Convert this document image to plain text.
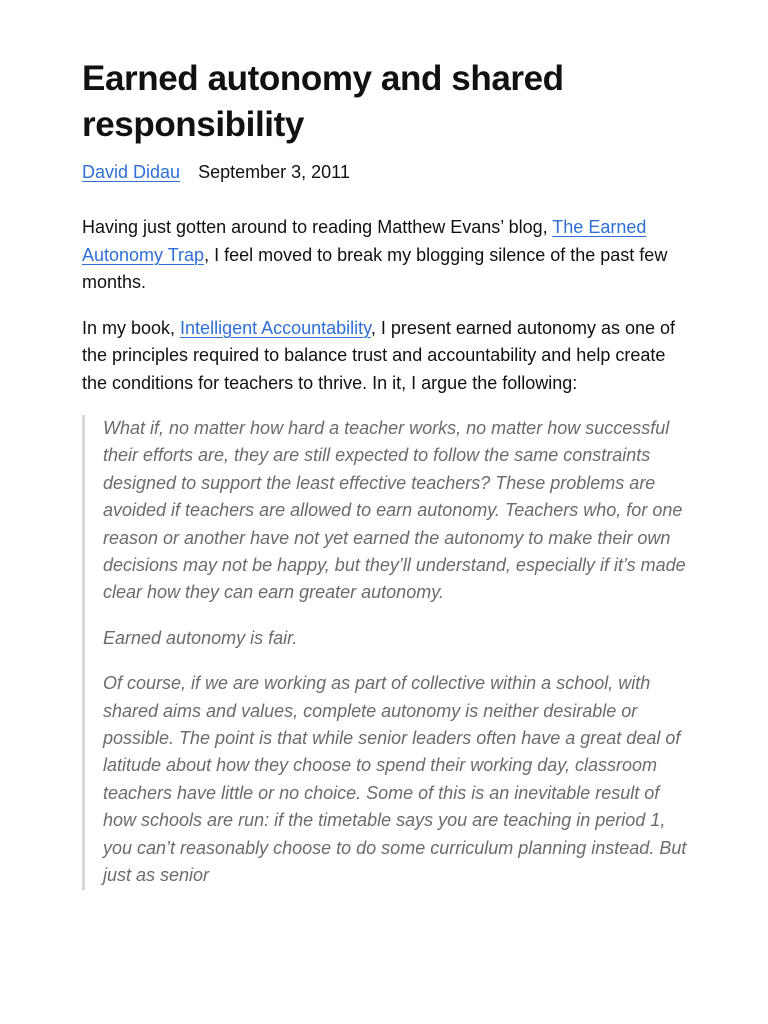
Earned autonomy and shared responsibility
David Didau September 3, 2011

Having just gotten around to reading Matthew Evans’ blog, The Earned Autonomy Trap, I feel moved to break my blogging silence of the past few months.

In my book, Intelligent Accountability, I present earned autonomy as one of the principles required to balance trust and accountability and help create the conditions for teachers to thrive. In it, I argue the following:

What if, no matter how hard a teacher works, no matter how successful their efforts are, they are still expected to follow the same constraints designed to support the least effective teachers? These problems are avoided if teachers are allowed to earn autonomy. Teachers who, for one reason or another have not yet earned the autonomy to make their own decisions may not be happy, but they’ll understand, especially if it’s made clear how they can earn greater autonomy.

Earned autonomy is fair.

Of course, if we are working as part of collective within a school, with shared aims and values, complete autonomy is neither desirable or possible. The point is that while senior leaders often have a great deal of latitude about how they choose to spend their working day, classroom teachers have little or no choice. Some of this is an inevitable result of how schools are run: if the timetable says you are teaching in period 1, you can’t reasonably choose to do some curriculum planning instead. But just as senior
